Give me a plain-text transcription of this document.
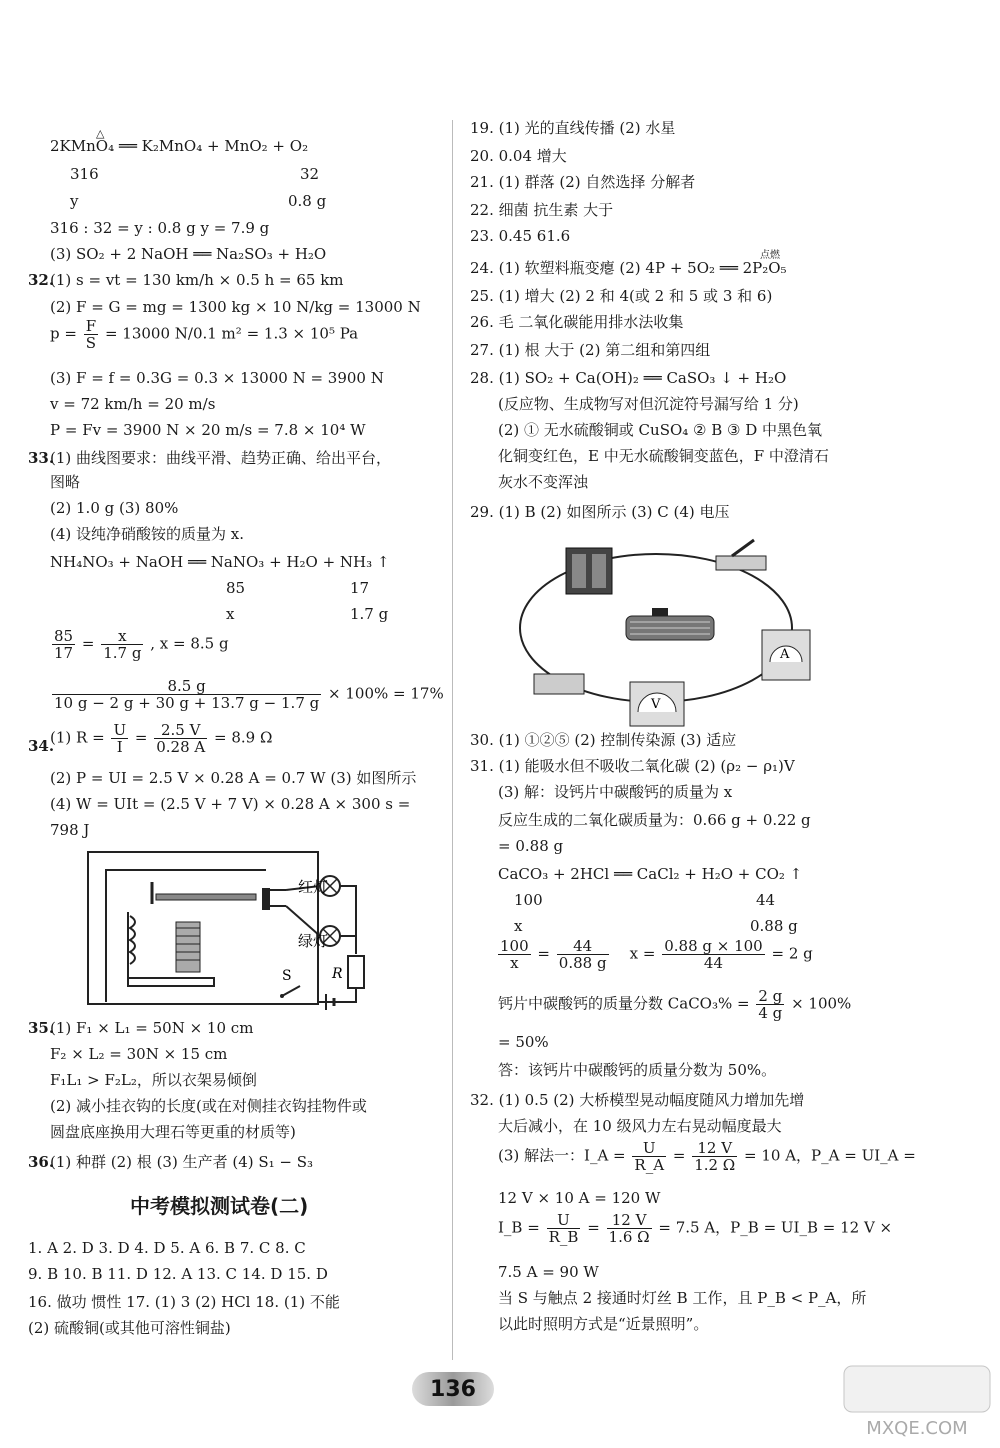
△
2KMnO₄ ══ K₂MnO₄ + MnO₂ + O₂
316	32
y	0.8 g
316 : 32 = y : 0.8 g y = 7.9 g
(3) SO₂ + 2 NaOH ══ Na₂SO₃ + H₂O
32.
(1) s = vt = 130 km/h × 0.5 h = 65 km
(2) F = G = mg = 1300 kg × 10 N/kg = 13000 N
$p = \frac{F}{S} = 13000$ N/0.1 m² = 1.3 × 10⁵ Pa
(3) F = f = 0.3G = 0.3 × 13000 N = 3900 N
v = 72 km/h = 20 m/s
P = Fv = 3900 N × 20 m/s = 7.8 × 10⁴ W
33.
(1) 曲线图要求：曲线平滑、趋势正确、给出平台，
图略
(2) 1.0 g (3) 80%
(4) 设纯净硝酸铵的质量为 x.
NH₄NO₃ + NaOH ══ NaNO₃ + H₂O + NH₃ ↑
85	17
x	1.7 g
$\frac{85}{17} = \frac{x}{1.7 g}$ , x = 8.5 g
$\frac{8.5 g}{10 g - 2 g + 30 g + 13.7 g - 1.7 g} \times 100\% = 17\%$
34.
(1) $R = \frac{U}{I} = \frac{2.5 V}{0.28 A} = 8.9$ Ω
(2) P = UI = 2.5 V × 0.28 A = 0.7 W (3) 如图所示
(4) W = UIt = (2.5 V + 7 V) × 0.28 A × 300 s =
798 J
红灯
绿灯
R
S
35.
(1) F₁ × L₁ = 50N × 10 cm
F₂ × L₂ = 30N × 15 cm
F₁L₁ > F₂L₂，所以衣架易倾倒
(2) 减小挂衣钩的长度(或在对侧挂衣钩挂物件或
圆盘底座换用大理石等更重的材质等)
36.
(1) 种群 (2) 根 (3) 生产者 (4) S₁ − S₃
1. A 2. D 3. D 4. D 5. A 6. B 7. C 8. C
9. B 10. B 11. D 12. A 13. C 14. D 15. D
16. 做功 惯性 17. (1) 3 (2) HCl 18. (1) 不能
(2) 硫酸铜(或其他可溶性铜盐)
中考模拟测试卷(二)
19. (1) 光的直线传播 (2) 水星
20. 0.04 增大
21. (1) 群落 (2) 自然选择 分解者
22. 细菌 抗生素 大于
23. 0.45 61.6
点燃
24. (1) 软塑料瓶变瘪 (2) 4P + 5O₂ ══ 2P₂O₅
25. (1) 增大 (2) 2 和 4(或 2 和 5 或 3 和 6)
26. 毛 二氧化碳能用排水法收集
27. (1) 根 大于 (2) 第二组和第四组
28. (1) SO₂ + Ca(OH)₂ ══ CaSO₃ ↓ + H₂O
(反应物、生成物写对但沉淀符号漏写给 1 分)
(2) ① 无水硫酸铜或 CuSO₄ ② B ③ D 中黑色氧
化铜变红色，E 中无水硫酸铜变蓝色，F 中澄清石
灰水不变浑浊
29. (1) B (2) 如图所示 (3) C (4) 电压
A
V
30. (1) ①②⑤ (2) 控制传染源 (3) 适应
31. (1) 能吸水但不吸收二氧化碳 (2) (ρ₂ − ρ₁)V
(3) 解：设钙片中碳酸钙的质量为 x
反应生成的二氧化碳质量为：0.66 g + 0.22 g
= 0.88 g
CaCO₃ + 2HCl ══ CaCl₂ + H₂O + CO₂ ↑
100	44
x	0.88 g
$\frac{100}{x} = \frac{44}{0.88 g}$ $x = \frac{0.88 g \times 100}{44} = 2$ g
钙片中碳酸钙的质量分数 CaCO₃% = $\frac{2 g}{4 g} \times 100\%$
= 50%
答：该钙片中碳酸钙的质量分数为 50%。
32. (1) 0.5 (2) 大桥模型晃动幅度随风力增加先增
大后减小，在 10 级风力左右晃动幅度最大
(3) 解法一：I_A = $\frac{U}{R\_A} = \frac{12 V}{1.2 \Omega} = 10$ A，P_A = UI_A =
12 V × 10 A = 120 W
I_B = $\frac{U}{R\_B} = \frac{12 V}{1.6 \Omega} = 7.5$ A，P_B = UI_B = 12 V ×
7.5 A = 90 W
当 S 与触点 2 接通时灯丝 B 工作，且 P_B < P_A，所
以此时照明方式是“近景照明”。
136
MXQE.COM
